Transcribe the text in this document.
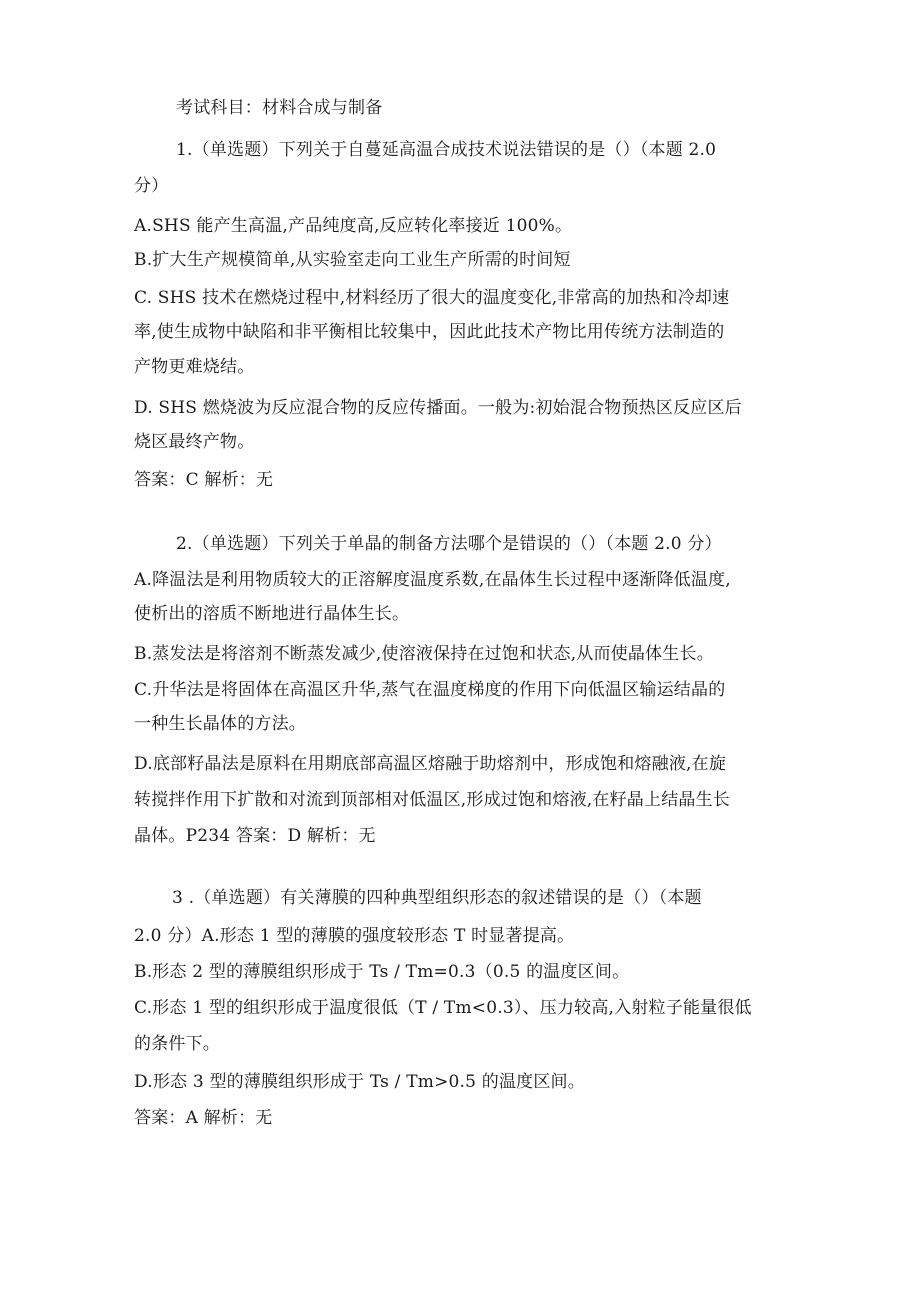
考试科目：材料合成与制备
1.（单选题）下列关于自蔓延高温合成技术说法错误的是（）（本题 2.0
分）
A.SHS 能产生高温,产品纯度高,反应转化率接近 100%。
B.扩大生产规模简单,从实验室走向工业生产所需的时间短
C. SHS 技术在燃烧过程中,材料经历了很大的温度变化,非常高的加热和冷却速
率,使生成物中缺陷和非平衡相比较集中，因此此技术产物比用传统方法制造的
产物更难烧结。
D. SHS 燃烧波为反应混合物的反应传播面。一般为:初始混合物预热区反应区后
烧区最终产物。
答案：C 解析：无
2.（单选题）下列关于单晶的制备方法哪个是错误的（）（本题 2.0 分）
A.降温法是利用物质较大的正溶解度温度系数,在晶体生长过程中逐渐降低温度,
使析出的溶质不断地进行晶体生长。
B.蒸发法是将溶剂不断蒸发减少,使溶液保持在过饱和状态,从而使晶体生长。
C.升华法是将固体在高温区升华,蒸气在温度梯度的作用下向低温区输运结晶的
一种生长晶体的方法。
D.底部籽晶法是原料在用期底部高温区熔融于助熔剂中，形成饱和熔融液,在旋
转搅拌作用下扩散和对流到顶部相对低温区,形成过饱和熔液,在籽晶上结晶生长
晶体。P234 答案：D 解析：无
3 .（单选题）有关薄膜的四种典型组织形态的叙述错误的是（）（本题
2.0 分）A.形态 1 型的薄膜的强度较形态 T 时显著提高。
B.形态 2 型的薄膜组织形成于 Ts / Tm=0.3（0.5 的温度区间。
C.形态 1 型的组织形成于温度很低（T / Tm<0.3）、压力较高,入射粒子能量很低
的条件下。
D.形态 3 型的薄膜组织形成于 Ts / Tm>0.5 的温度区间。
答案：A 解析：无
